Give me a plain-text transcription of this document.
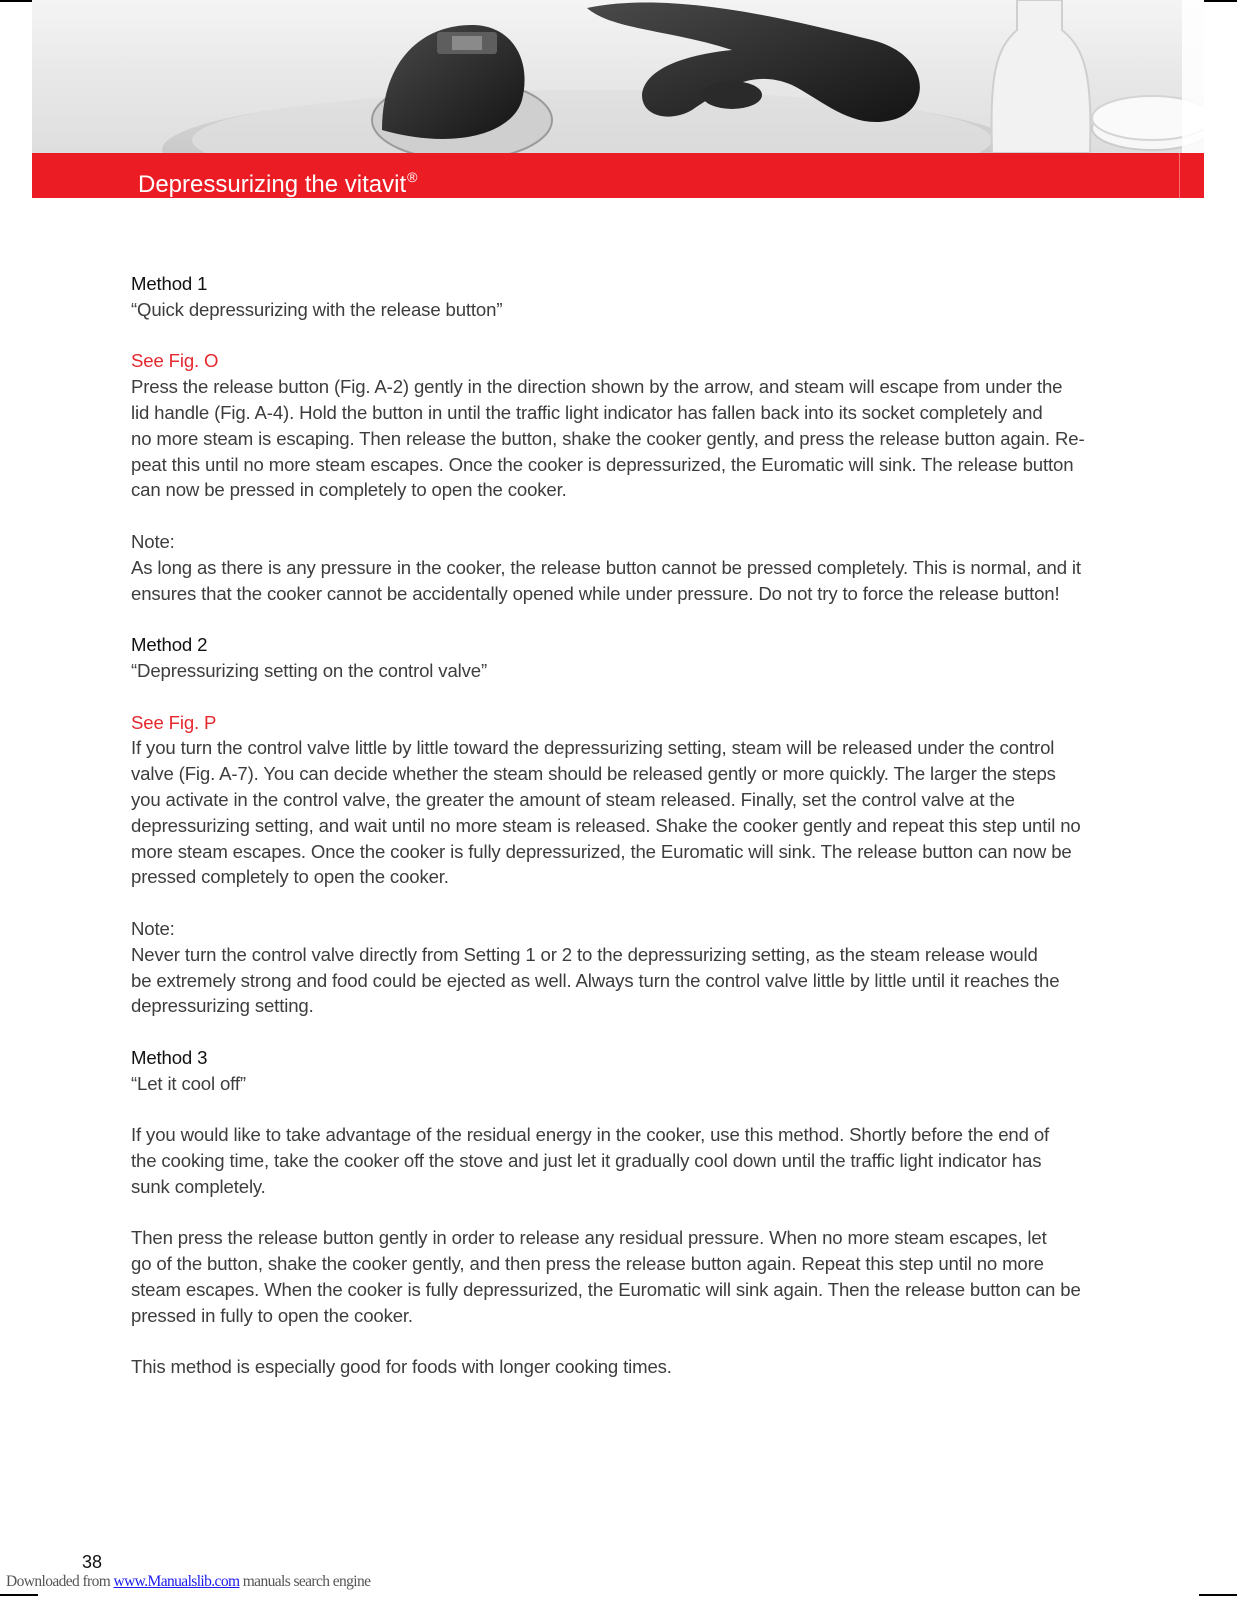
Depressurizing the vitavit®

Method 1

“Quick depressurizing with the release button”

See Fig. O

Press the release button (Fig. A-2) gently in the direction shown by the arrow, and steam will escape from under the

lid handle (Fig. A-4). Hold the button in until the traffic light indicator has fallen back into its socket completely and

no more steam is escaping. Then release the button, shake the cooker gently, and press the release button again. Re-

peat this until no more steam escapes. Once the cooker is depressurized, the Euromatic will sink. The release button

can now be pressed in completely to open the cooker.

Note:

As long as there is any pressure in the cooker, the release button cannot be pressed completely. This is normal, and it

ensures that the cooker cannot be accidentally opened while under pressure. Do not try to force the release button!

Method 2

“Depressurizing setting on the control valve”

See Fig. P

If you turn the control valve little by little toward the depressurizing setting, steam will be released under the control

valve (Fig. A-7). You can decide whether the steam should be released gently or more quickly. The larger the steps

you activate in the control valve, the greater the amount of steam released. Finally, set the control valve at the

depressurizing setting, and wait until no more steam is released. Shake the cooker gently and repeat this step until no

more steam escapes. Once the cooker is fully depressurized, the Euromatic will sink. The release button can now be

pressed completely to open the cooker.

Note:

Never turn the control valve directly from Setting 1 or 2 to the depressurizing setting, as the steam release would

be extremely strong and food could be ejected as well. Always turn the control valve little by little until it reaches the

depressurizing setting.

Method 3

“Let it cool off”

If you would like to take advantage of the residual energy in the cooker, use this method. Shortly before the end of

the cooking time, take the cooker off the stove and just let it gradually cool down until the traffic light indicator has

sunk completely.

Then press the release button gently in order to release any residual pressure. When no more steam escapes, let

go of the button, shake the cooker gently, and then press the release button again. Repeat this step until no more

steam escapes. When the cooker is fully depressurized, the Euromatic will sink again. Then the release button can be

pressed in fully to open the cooker.

This method is especially good for foods with longer cooking times.

38
Downloaded from www.Manualslib.com manuals search engine
